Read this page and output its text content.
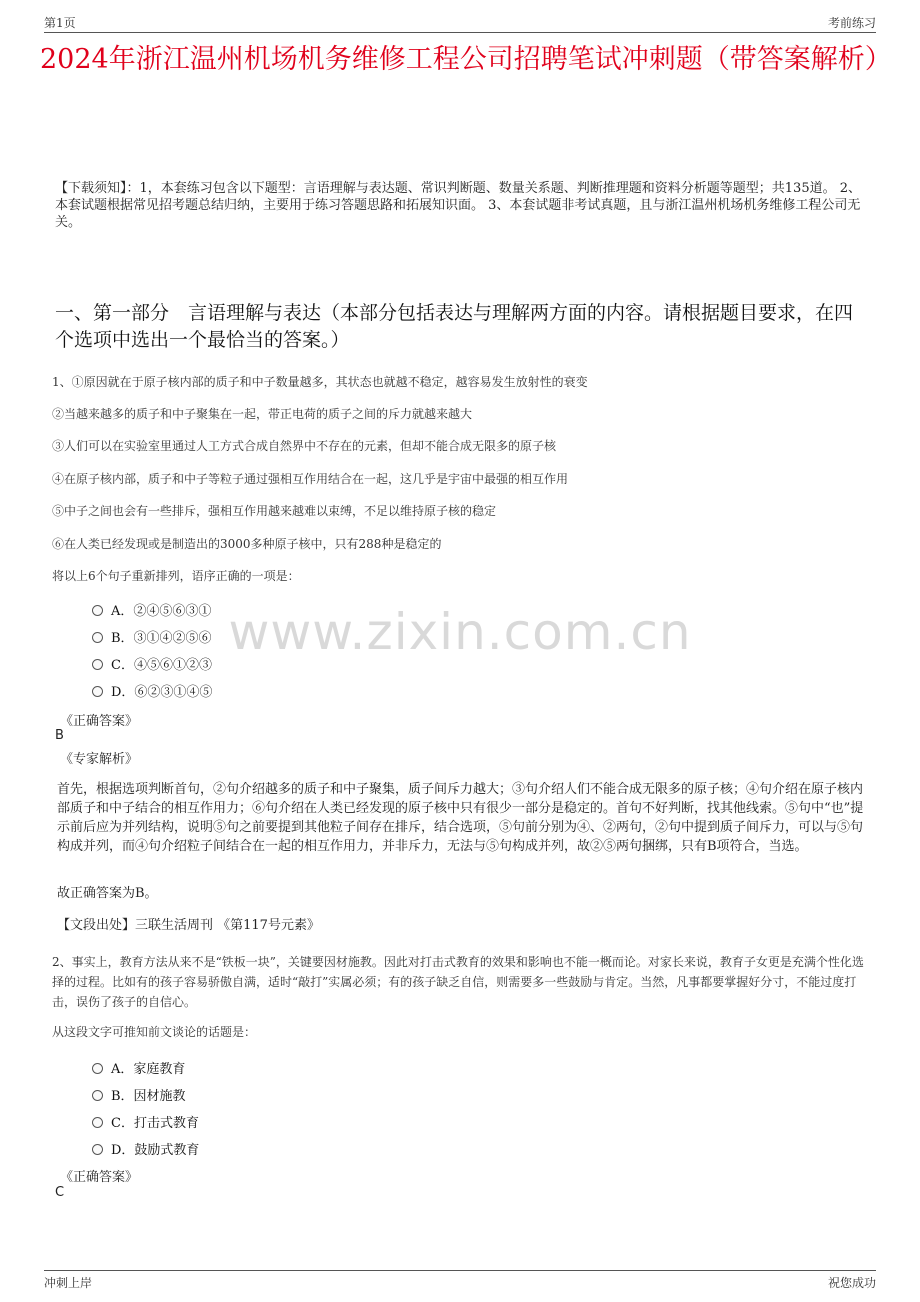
第1页	考前练习
2024年浙江温州机场机务维修工程公司招聘笔试冲刺题（带答案解析）
【下载须知】：1，本套练习包含以下题型：言语理解与表达题、常识判断题、数量关系题、判断推理题和资料分析题等题型；共135道。 2、本套试题根据常见招考题总结归纳，主要用于练习答题思路和拓展知识面。 3、本套试题非考试真题，且与浙江温州机场机务维修工程公司无关。
一、第一部分　言语理解与表达（本部分包括表达与理解两方面的内容。请根据题目要求，在四个选项中选出一个最恰当的答案。）
1、①原因就在于原子核内部的质子和中子数量越多，其状态也就越不稳定，越容易发生放射性的衰变
②当越来越多的质子和中子聚集在一起，带正电荷的质子之间的斥力就越来越大
③人们可以在实验室里通过人工方式合成自然界中不存在的元素，但却不能合成无限多的原子核
④在原子核内部，质子和中子等粒子通过强相互作用结合在一起，这几乎是宇宙中最强的相互作用
⑤中子之间也会有一些排斥，强相互作用越来越难以束缚，不足以维持原子核的稳定
⑥在人类已经发现或是制造出的3000多种原子核中，只有288种是稳定的
将以上6个句子重新排列，语序正确的一项是：
A．②④⑤⑥③①
B．③①④②⑤⑥
C．④⑤⑥①②③
D．⑥②③①④⑤
《正确答案》
B
《专家解析》
首先，根据选项判断首句，②句介绍越多的质子和中子聚集，质子间斥力越大；③句介绍人们不能合成无限多的原子核；④句介绍在原子核内部质子和中子结合的相互作用力；⑥句介绍在人类已经发现的原子核中只有很少一部分是稳定的。首句不好判断，找其他线索。⑤句中“也”提示前后应为并列结构，说明⑤句之前要提到其他粒子间存在排斥，结合选项，⑤句前分别为④、②两句，②句中提到质子间斥力，可以与⑤句构成并列，而④句介绍粒子间结合在一起的相互作用力，并非斥力，无法与⑤句构成并列，故②⑤两句捆绑，只有B项符合，当选。
故正确答案为B。
【文段出处】三联生活周刊 《第117号元素》
2、事实上，教育方法从来不是“铁板一块”，关键要因材施教。因此对打击式教育的效果和影响也不能一概而论。对家长来说，教育子女更是充满个性化选择的过程。比如有的孩子容易骄傲自满，适时“敲打”实属必须；有的孩子缺乏自信，则需要多一些鼓励与肯定。当然，凡事都要掌握好分寸，不能过度打击，误伤了孩子的自信心。
从这段文字可推知前文谈论的话题是：
A．家庭教育
B．因材施教
C．打击式教育
D．鼓励式教育
《正确答案》
C
www.zixin.com.cn
冲刺上岸	祝您成功
